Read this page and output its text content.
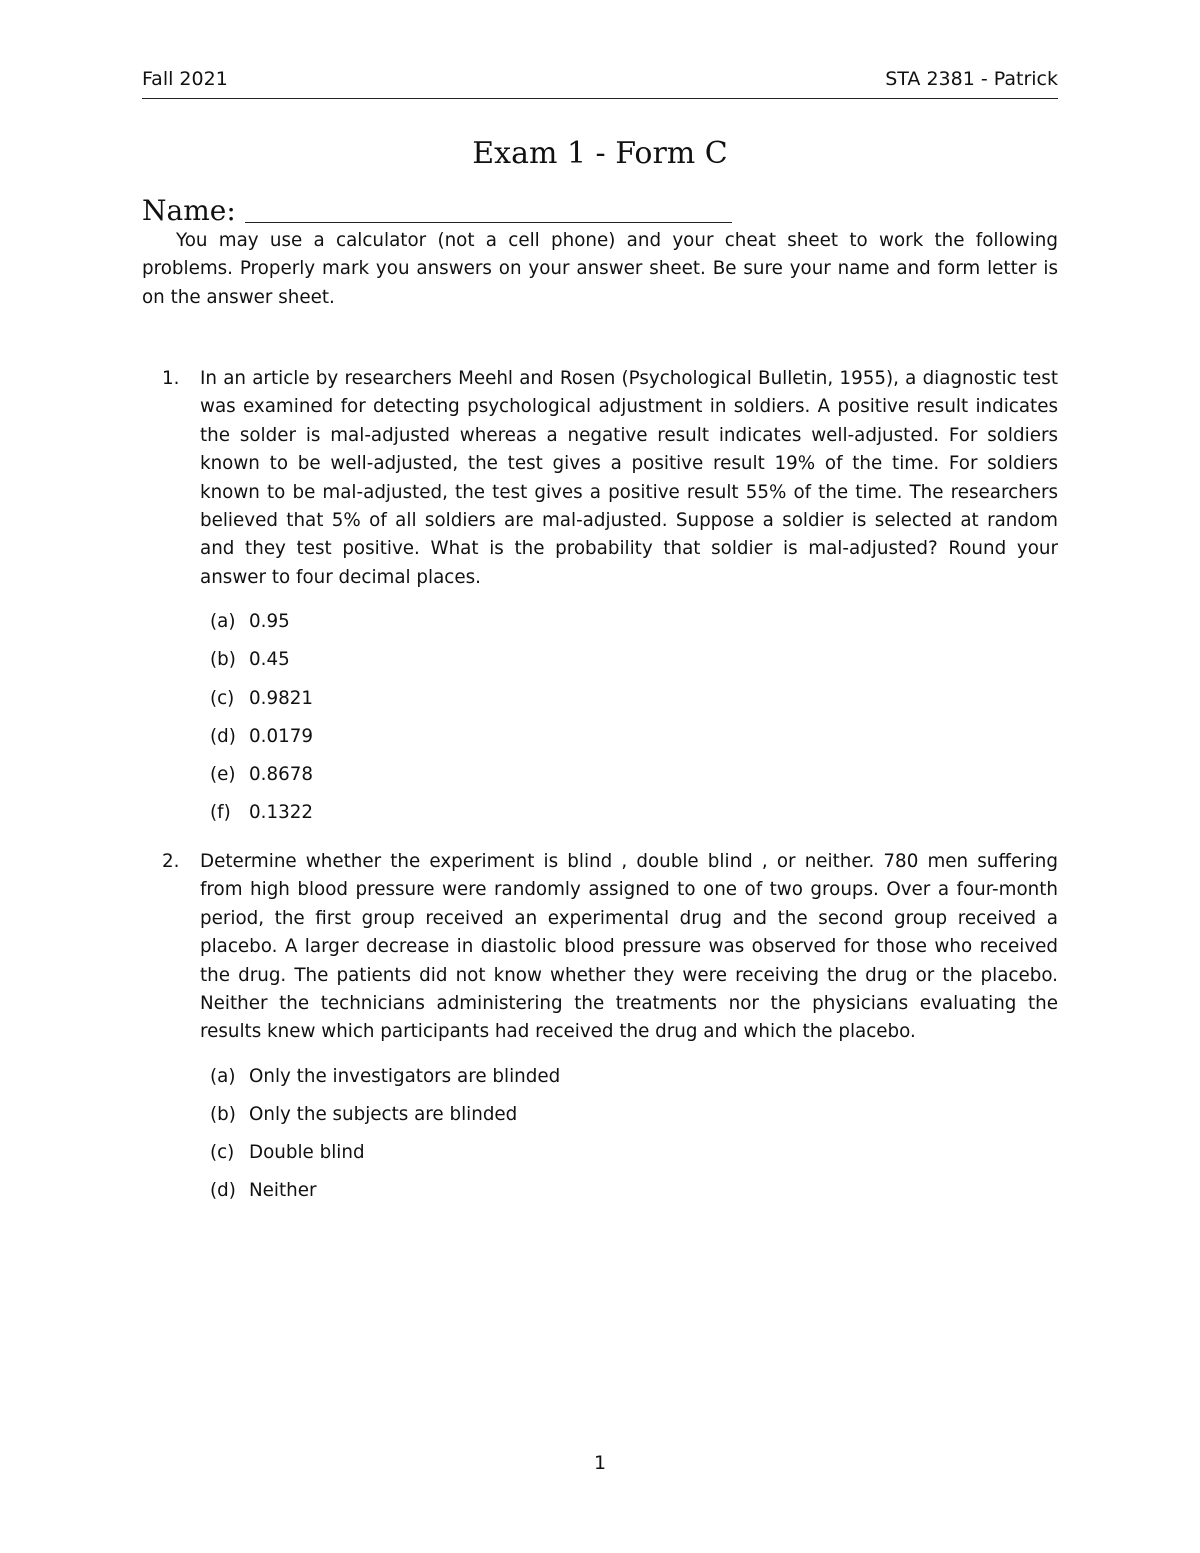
Fall 2021	STA 2381 - Patrick
Exam 1 - Form C
Name:

You may use a calculator (not a cell phone) and your cheat sheet to work the following problems. Properly mark you answers on your answer sheet. Be sure your name and form letter is on the answer sheet.

1.	In an article by researchers Meehl and Rosen (Psychological Bulletin, 1955), a diagnostic test was examined for detecting psychological adjustment in soldiers. A positive result indicates the solder is mal-adjusted whereas a negative result indicates well-adjusted. For soldiers known to be well-adjusted, the test gives a positive result 19% of the time. For soldiers known to be mal-adjusted, the test gives a positive result 55% of the time. The researchers believed that 5% of all soldiers are mal-adjusted. Suppose a soldier is selected at random and they test positive. What is the probability that soldier is mal-adjusted? Round your answer to four decimal places.
(a) 0.95
(b) 0.45
(c) 0.9821
(d) 0.0179
(e) 0.8678
(f) 0.1322
2.	Determine whether the experiment is blind , double blind , or neither. 780 men suffering from high blood pressure were randomly assigned to one of two groups. Over a four-month period, the first group received an experimental drug and the second group received a placebo. A larger decrease in diastolic blood pressure was observed for those who received the drug. The patients did not know whether they were receiving the drug or the placebo. Neither the technicians administering the treatments nor the physicians evaluating the results knew which participants had received the drug and which the placebo.
(a) Only the investigators are blinded
(b) Only the subjects are blinded
(c) Double blind
(d) Neither
1
